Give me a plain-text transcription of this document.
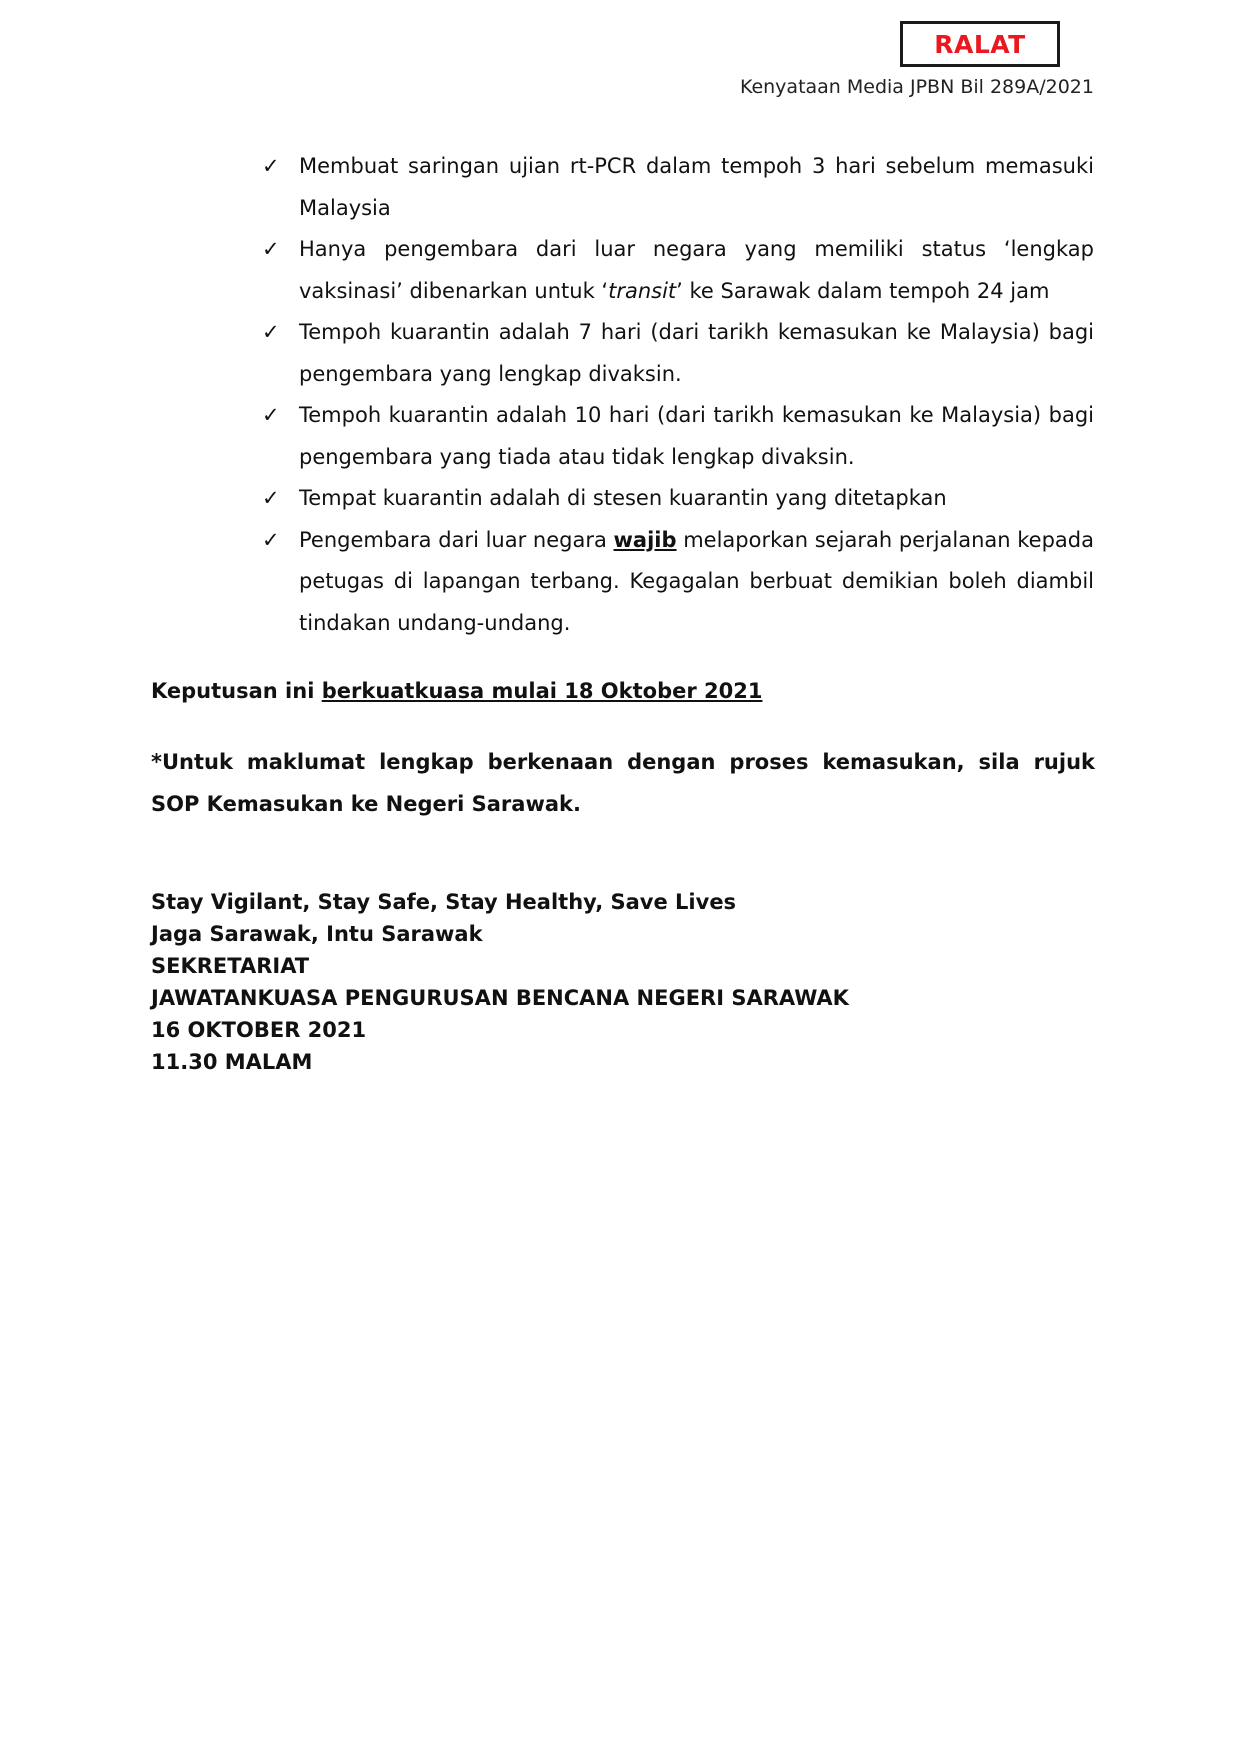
RALAT
Kenyataan Media JPBN Bil 289A/2021
✓ Membuat saringan ujian rt-PCR dalam tempoh 3 hari sebelum memasuki Malaysia
✓ Hanya pengembara dari luar negara yang memiliki status ‘lengkap vaksinasi’ dibenarkan untuk ‘transit’ ke Sarawak dalam tempoh 24 jam
✓ Tempoh kuarantin adalah 7 hari (dari tarikh kemasukan ke Malaysia) bagi pengembara yang lengkap divaksin.
✓ Tempoh kuarantin adalah 10 hari (dari tarikh kemasukan ke Malaysia) bagi pengembara yang tiada atau tidak lengkap divaksin.
✓ Tempat kuarantin adalah di stesen kuarantin yang ditetapkan
✓ Pengembara dari luar negara wajib melaporkan sejarah perjalanan kepada petugas di lapangan terbang. Kegagalan berbuat demikian boleh diambil tindakan undang-undang.

Keputusan ini berkuatkuasa mulai 18 Oktober 2021

*Untuk maklumat lengkap berkenaan dengan proses kemasukan, sila rujuk SOP Kemasukan ke Negeri Sarawak.

Stay Vigilant, Stay Safe, Stay Healthy, Save Lives
Jaga Sarawak, Intu Sarawak
SEKRETARIAT
JAWATANKUASA PENGURUSAN BENCANA NEGERI SARAWAK
16 OKTOBER 2021
11.30 MALAM
